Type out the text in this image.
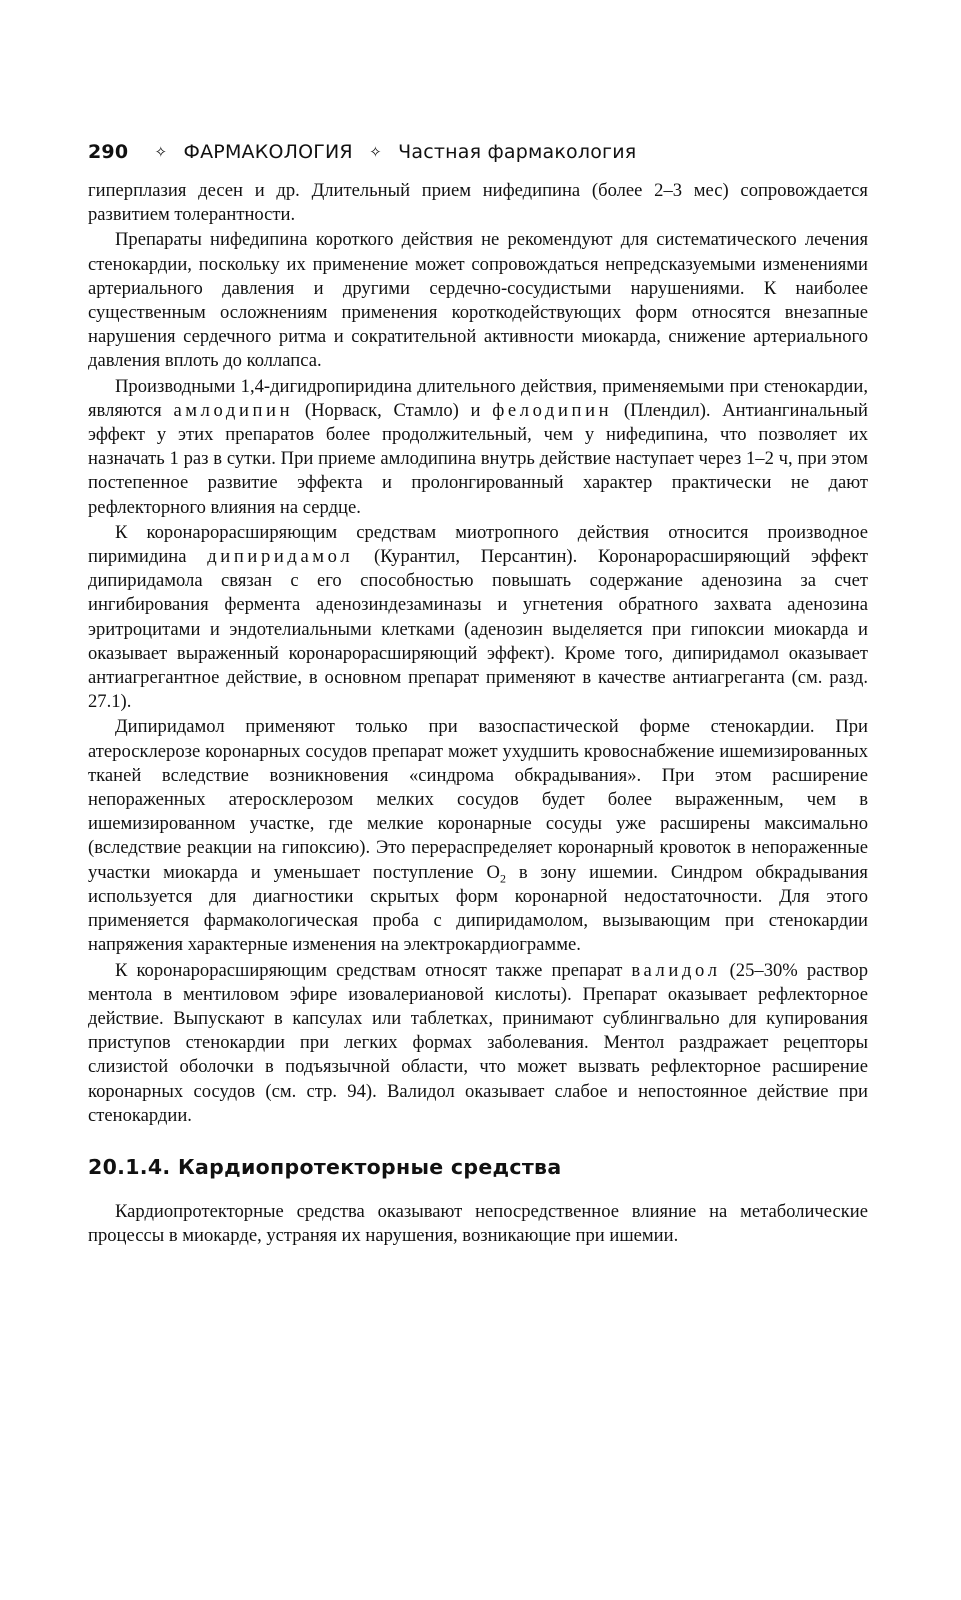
290 ✧ ФАРМАКОЛОГИЯ ✧ Частная фармакология

гиперплазия десен и др. Длительный прием нифедипина (более 2–3 мес) сопровождается развитием толерантности.

Препараты нифедипина короткого действия не рекомендуют для систематического лечения стенокардии, поскольку их применение может сопровождаться непредсказуемыми изменениями артериального давления и другими сердечно-сосудистыми нарушениями. К наиболее существенным осложнениям применения короткодействующих форм относятся внезапные нарушения сердечного ритма и сократительной активности миокарда, снижение артериального давления вплоть до коллапса.

Производными 1,4-дигидропиридина длительного действия, применяемыми при стенокардии, являются амлодипин (Норваск, Стамло) и фелодипин (Плендил). Антиангинальный эффект у этих препаратов более продолжительный, чем у нифедипина, что позволяет их назначать 1 раз в сутки. При приеме амлодипина внутрь действие наступает через 1–2 ч, при этом постепенное развитие эффекта и пролонгированный характер практически не дают рефлекторного влияния на сердце.

К коронарорасширяющим средствам миотропного действия относится производное пиримидина дипиридамол (Курантил, Персантин). Коронарорасширяющий эффект дипиридамола связан с его способностью повышать содержание аденозина за счет ингибирования фермента аденозиндезаминазы и угнетения обратного захвата аденозина эритроцитами и эндотелиальными клетками (аденозин выделяется при гипоксии миокарда и оказывает выраженный коронарорасширяющий эффект). Кроме того, дипиридамол оказывает антиагрегантное действие, в основном препарат применяют в качестве антиагреганта (см. разд. 27.1).

Дипиридамол применяют только при вазоспастической форме стенокардии. При атеросклерозе коронарных сосудов препарат может ухудшить кровоснабжение ишемизированных тканей вследствие возникновения «синдрома обкрадывания». При этом расширение непораженных атеросклерозом мелких сосудов будет более выраженным, чем в ишемизированном участке, где мелкие коронарные сосуды уже расширены максимально (вследствие реакции на гипоксию). Это перераспределяет коронарный кровоток в непораженные участки миокарда и уменьшает поступление $O_2$ в зону ишемии. Синдром обкрадывания используется для диагностики скрытых форм коронарной недостаточности. Для этого применяется фармакологическая проба с дипиридамолом, вызывающим при стенокардии напряжения характерные изменения на электрокардиограмме.

К коронарорасширяющим средствам относят также препарат валидол (25–30% раствор ментола в ментиловом эфире изовалериановой кислоты). Препарат оказывает рефлекторное действие. Выпускают в капсулах или таблетках, принимают сублингвально для купирования приступов стенокардии при легких формах заболевания. Ментол раздражает рецепторы слизистой оболочки в подъязычной области, что может вызвать рефлекторное расширение коронарных сосудов (см. стр. 94). Валидол оказывает слабое и непостоянное действие при стенокардии.

20.1.4. Кардиопротекторные средства

Кардиопротекторные средства оказывают непосредственное влияние на метаболические процессы в миокарде, устраняя их нарушения, возникающие при ишемии.
